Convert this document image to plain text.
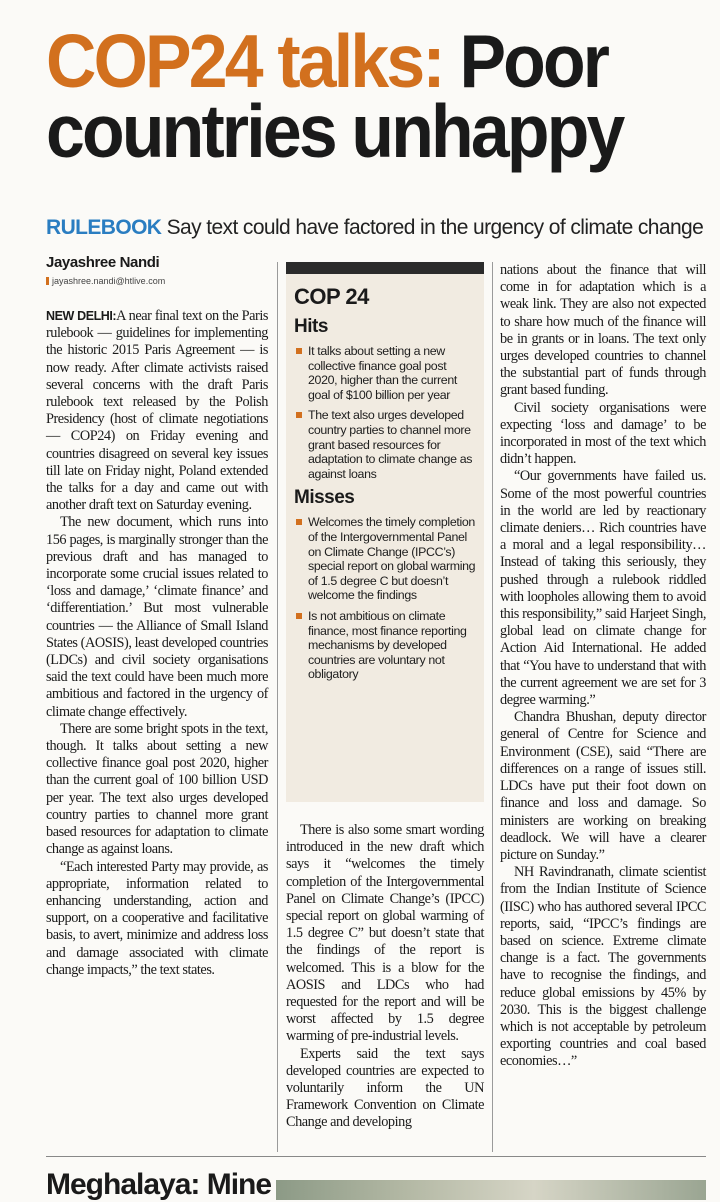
COP24 talks: Poor
countries unhappy
RULEBOOK Say text could have factored in the urgency of climate change
Jayashree Nandi
jayashree.nandi@htlive.com

NEW DELHI:A near final text on the Paris rulebook — guidelines for implementing the historic 2015 Paris Agreement — is now ready. After climate activists raised several concerns with the draft Paris rulebook text released by the Polish Presidency (host of climate negotiations — COP24) on Friday evening and countries disagreed on several key issues till late on Friday night, Poland extended the talks for a day and came out with another draft text on Saturday evening.

The new document, which runs into 156 pages, is marginally stronger than the previous draft and has managed to incorporate some crucial issues related to ‘loss and damage,’ ‘climate finance’ and ‘differentiation.’ But most vulnerable countries — the Alliance of Small Island States (AOSIS), least developed countries (LDCs) and civil society organisations said the text could have been much more ambitious and factored in the urgency of climate change effectively.

There are some bright spots in the text, though. It talks about setting a new collective finance goal post 2020, higher than the current goal of 100 billion USD per year. The text also urges developed country parties to channel more grant based resources for adaptation to climate change as against loans.

“Each interested Party may provide, as appropriate, information related to enhancing understanding, action and support, on a cooperative and facilitative basis, to avert, minimize and address loss and damage associated with climate change impacts,” the text states.

COP 24
Hits
It talks about setting a new collective finance goal post 2020, higher than the current goal of $100 billion per year
The text also urges developed country parties to channel more grant based resources for adaptation to climate change as against loans
Misses
Welcomes the timely completion of the Intergovernmental Panel on Climate Change (IPCC’s) special report on global warming of 1.5 degree C but doesn’t welcome the findings
Is not ambitious on climate finance, most finance reporting mechanisms by developed countries are voluntary not obligatory

There is also some smart wording introduced in the new draft which says it “welcomes the timely completion of the Intergovernmental Panel on Climate Change’s (IPCC) special report on global warming of 1.5 degree C” but doesn’t state that the findings of the report is welcomed. This is a blow for the AOSIS and LDCs who had requested for the report and will be worst affected by 1.5 degree warming of pre-industrial levels.

Experts said the text says developed countries are expected to voluntarily inform the UN Framework Convention on Climate Change and developing

nations about the finance that will come in for adaptation which is a weak link. They are also not expected to share how much of the finance will be in grants or in loans. The text only urges developed countries to channel the substantial part of funds through grant based funding.

Civil society organisations were expecting ‘loss and damage’ to be incorporated in most of the text which didn’t happen.

“Our governments have failed us. Some of the most powerful countries in the world are led by reactionary climate deniers… Rich countries have a moral and a legal responsibility… Instead of taking this seriously, they pushed through a rulebook riddled with loopholes allowing them to avoid this responsibility,” said Harjeet Singh, global lead on climate change for Action Aid International. He added that “You have to understand that with the current agreement we are set for 3 degree warming.”

Chandra Bhushan, deputy director general of Centre for Science and Environment (CSE), said “There are differences on a range of issues still. LDCs have put their foot down on finance and loss and damage. So ministers are working on breaking deadlock. We will have a clearer picture on Sunday.”

NH Ravindranath, climate scientist from the Indian Institute of Science (IISC) who has authored several IPCC reports, said, “IPCC’s findings are based on science. Extreme climate change is a fact. The governments have to recognise the findings, and reduce global emissions by 45% by 2030. This is the biggest challenge which is not acceptable by petroleum exporting countries and coal based economies…”

Meghalaya: Mine
